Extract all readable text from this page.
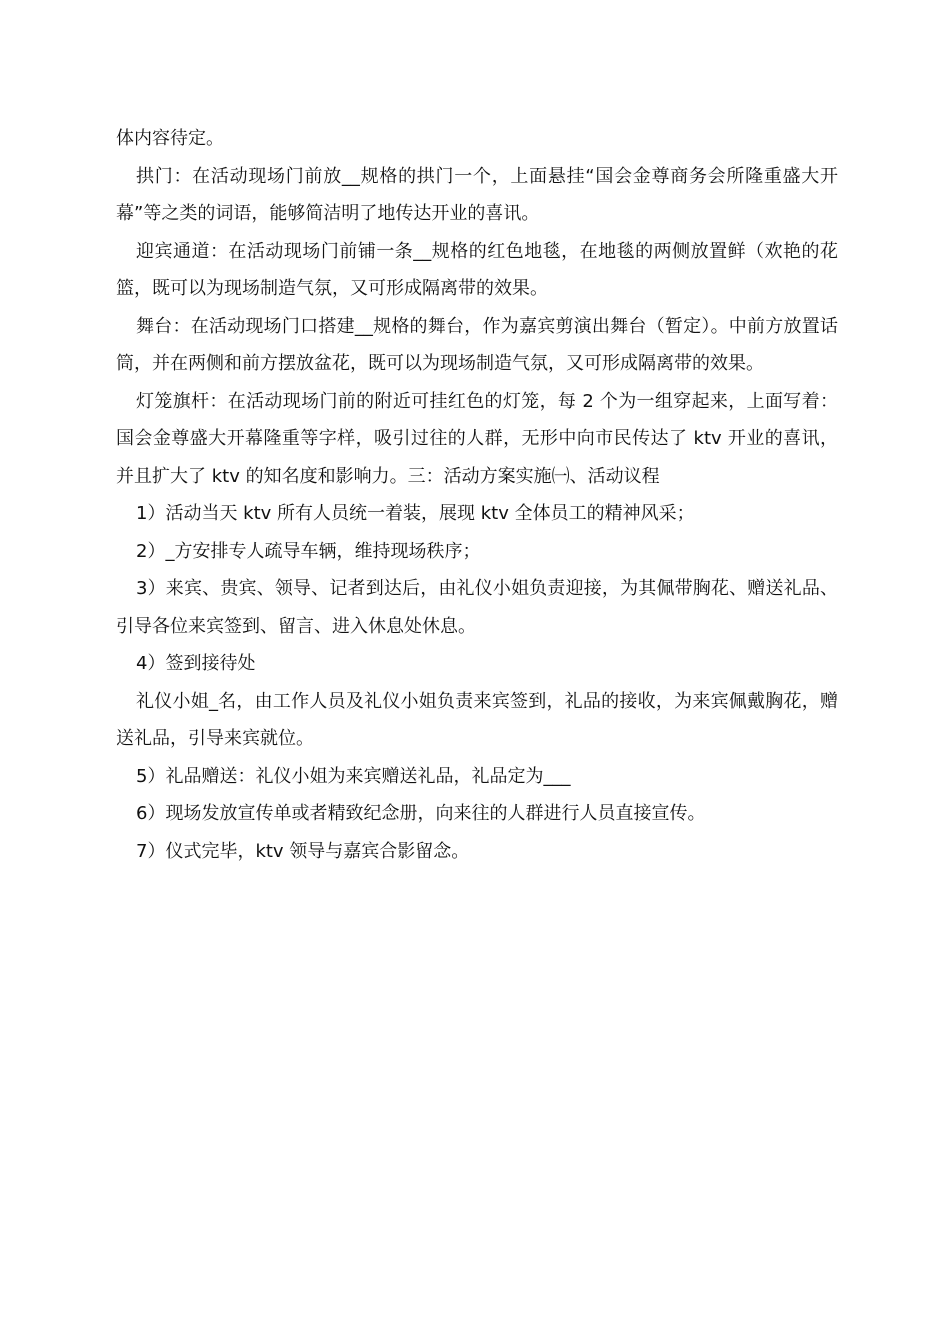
体内容待定。

拱门：在活动现场门前放__规格的拱门一个，上面悬挂“国会金尊商务会所隆重盛大开幕”等之类的词语，能够简洁明了地传达开业的喜讯。

迎宾通道：在活动现场门前铺一条__规格的红色地毯，在地毯的两侧放置鲜（欢艳的花篮，既可以为现场制造气氛，又可形成隔离带的效果。

舞台：在活动现场门口搭建__规格的舞台，作为嘉宾剪演出舞台（暂定）。中前方放置话筒，并在两侧和前方摆放盆花，既可以为现场制造气氛，又可形成隔离带的效果。

灯笼旗杆：在活动现场门前的附近可挂红色的灯笼，每 2 个为一组穿起来，上面写着：国会金尊盛大开幕隆重等字样，吸引过往的人群，无形中向市民传达了 ktv 开业的喜讯，并且扩大了 ktv 的知名度和影响力。三：活动方案实施㈠、活动议程

1）活动当天 ktv 所有人员统一着装，展现 ktv 全体员工的精神风采；

2）_方安排专人疏导车辆，维持现场秩序；

3）来宾、贵宾、领导、记者到达后，由礼仪小姐负责迎接，为其佩带胸花、赠送礼品、引导各位来宾签到、留言、进入休息处休息。

4）签到接待处

礼仪小姐_名，由工作人员及礼仪小姐负责来宾签到，礼品的接收，为来宾佩戴胸花，赠送礼品，引导来宾就位。

5）礼品赠送：礼仪小姐为来宾赠送礼品，礼品定为___

6）现场发放宣传单或者精致纪念册，向来往的人群进行人员直接宣传。

7）仪式完毕，ktv 领导与嘉宾合影留念。
